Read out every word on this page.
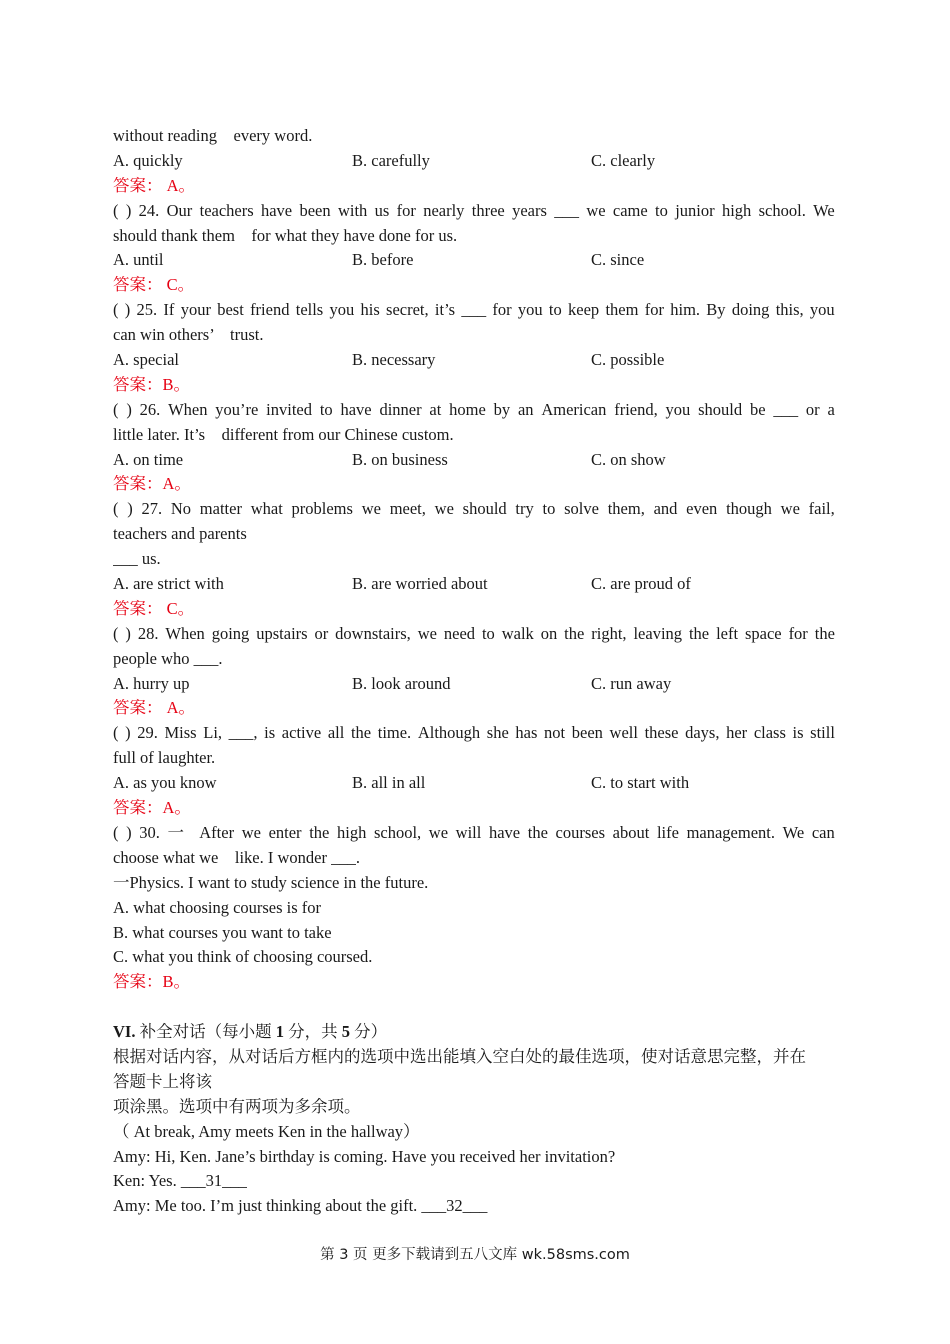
without reading    every word.
A. quickly	B. carefully	C. clearly
答案： A。
( ) 24. Our teachers have been with us for nearly three years ___ we came to junior high school. We
should thank them    for what they have done for us.
A. until	B. before	C. since
答案： C。
( ) 25. If your best friend tells you his secret, it’s ___ for you to keep them for him. By doing this, you
can win others’    trust.
A. special	B. necessary	C. possible
答案：B。
( ) 26. When you’re invited to have dinner at home by an American friend, you should be ___ or a
little later. It’s    different from our Chinese custom.
A. on time	B. on business	C. on show
答案：A。
( ) 27. No matter what problems we meet, we should try to solve them, and even though we fail,
teachers and parents
___ us.
A. are strict with	B. are worried about	C. are proud of
答案： C。
( ) 28. When going upstairs or downstairs, we need to walk on the right, leaving the left space for the
people who ___.
A. hurry up	B. look around	C. run away
答案： A。
( ) 29. Miss Li, ___, is active all the time. Although she has not been well these days, her class is still
full of laughter.
A. as you know	B. all in all	C. to start with
答案：A。
( ) 30. 一 After we enter the high school, we will have the courses about life management. We can
choose what we    like. I wonder ___.
一Physics. I want to study science in the future.
A. what choosing courses is for
B. what courses you want to take
C. what you think of choosing coursed.
答案：B。
VI. 补全对话（每小题 1 分，共 5 分）
根据对话内容，从对话后方框内的选项中选出能填入空白处的最佳选项，使对话意思完整，并在
答题卡上将该
项涂黑。选项中有两项为多余项。
（ At break, Amy meets Ken in the hallway）
Amy: Hi, Ken. Jane’s birthday is coming. Have you received her invitation?
Ken: Yes. ___31___
Amy: Me too. I’m just thinking about the gift. ___32___
第 3 页 更多下载请到五八文库 wk.58sms.com
